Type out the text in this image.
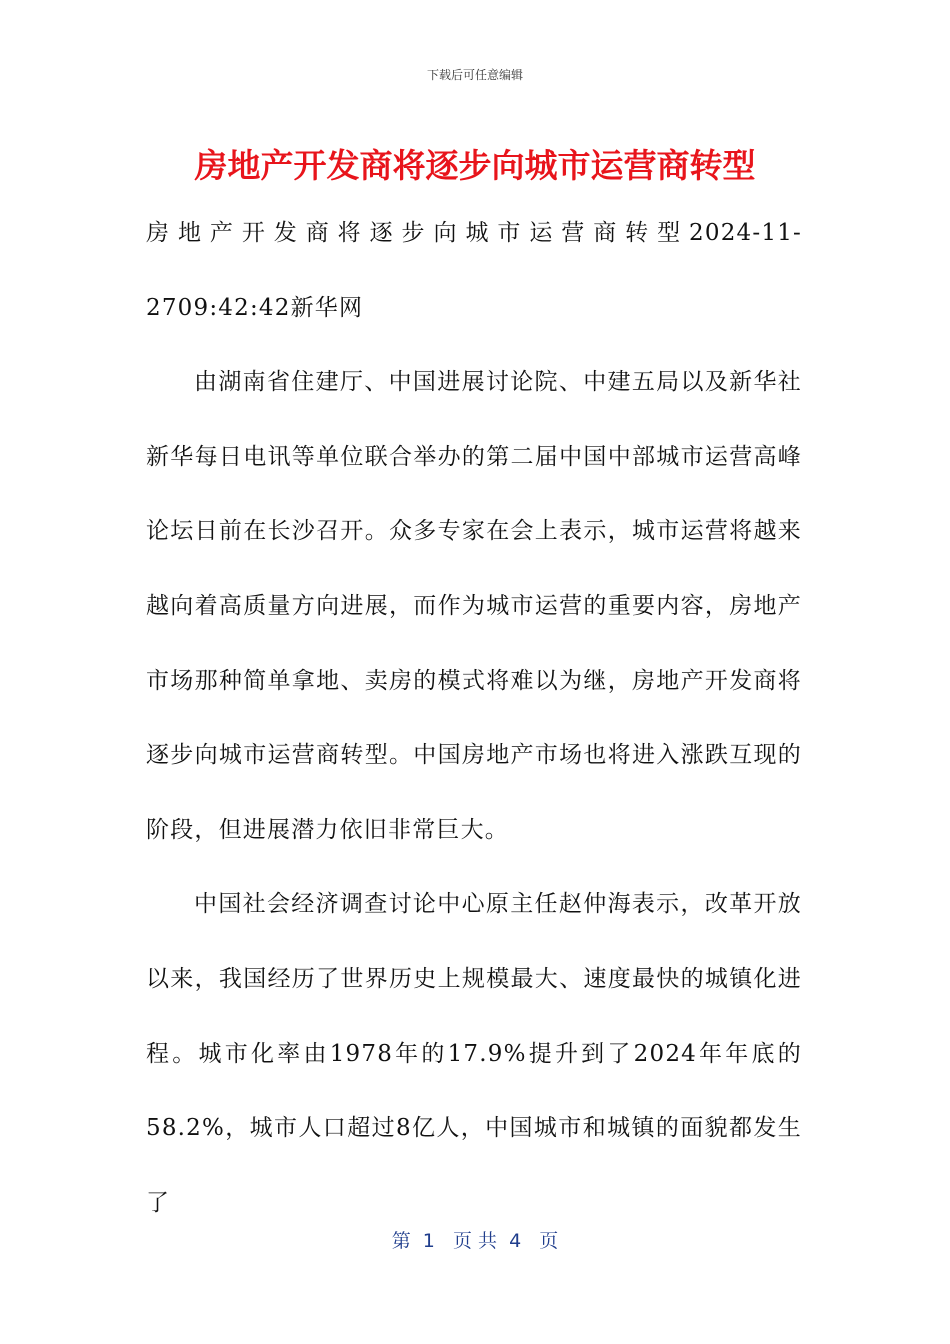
下载后可任意编辑
房地产开发商将逐步向城市运营商转型

房地产开发商将逐步向城市运营商转型2024-11-2709:42:42新华网

由湖南省住建厅、中国进展讨论院、中建五局以及新华社新华每日电讯等单位联合举办的第二届中国中部城市运营高峰论坛日前在长沙召开。众多专家在会上表示，城市运营将越来越向着高质量方向进展，而作为城市运营的重要内容，房地产市场那种简单拿地、卖房的模式将难以为继，房地产开发商将逐步向城市运营商转型。中国房地产市场也将进入涨跌互现的阶段，但进展潜力依旧非常巨大。

中国社会经济调查讨论中心原主任赵仲海表示，改革开放以来，我国经历了世界历史上规模最大、速度最快的城镇化进程。城市化率由1978年的17.9%提升到了2024年年底的58.2%，城市人口超过8亿人，中国城市和城镇的面貌都发生了

第  1   页 共  4   页
